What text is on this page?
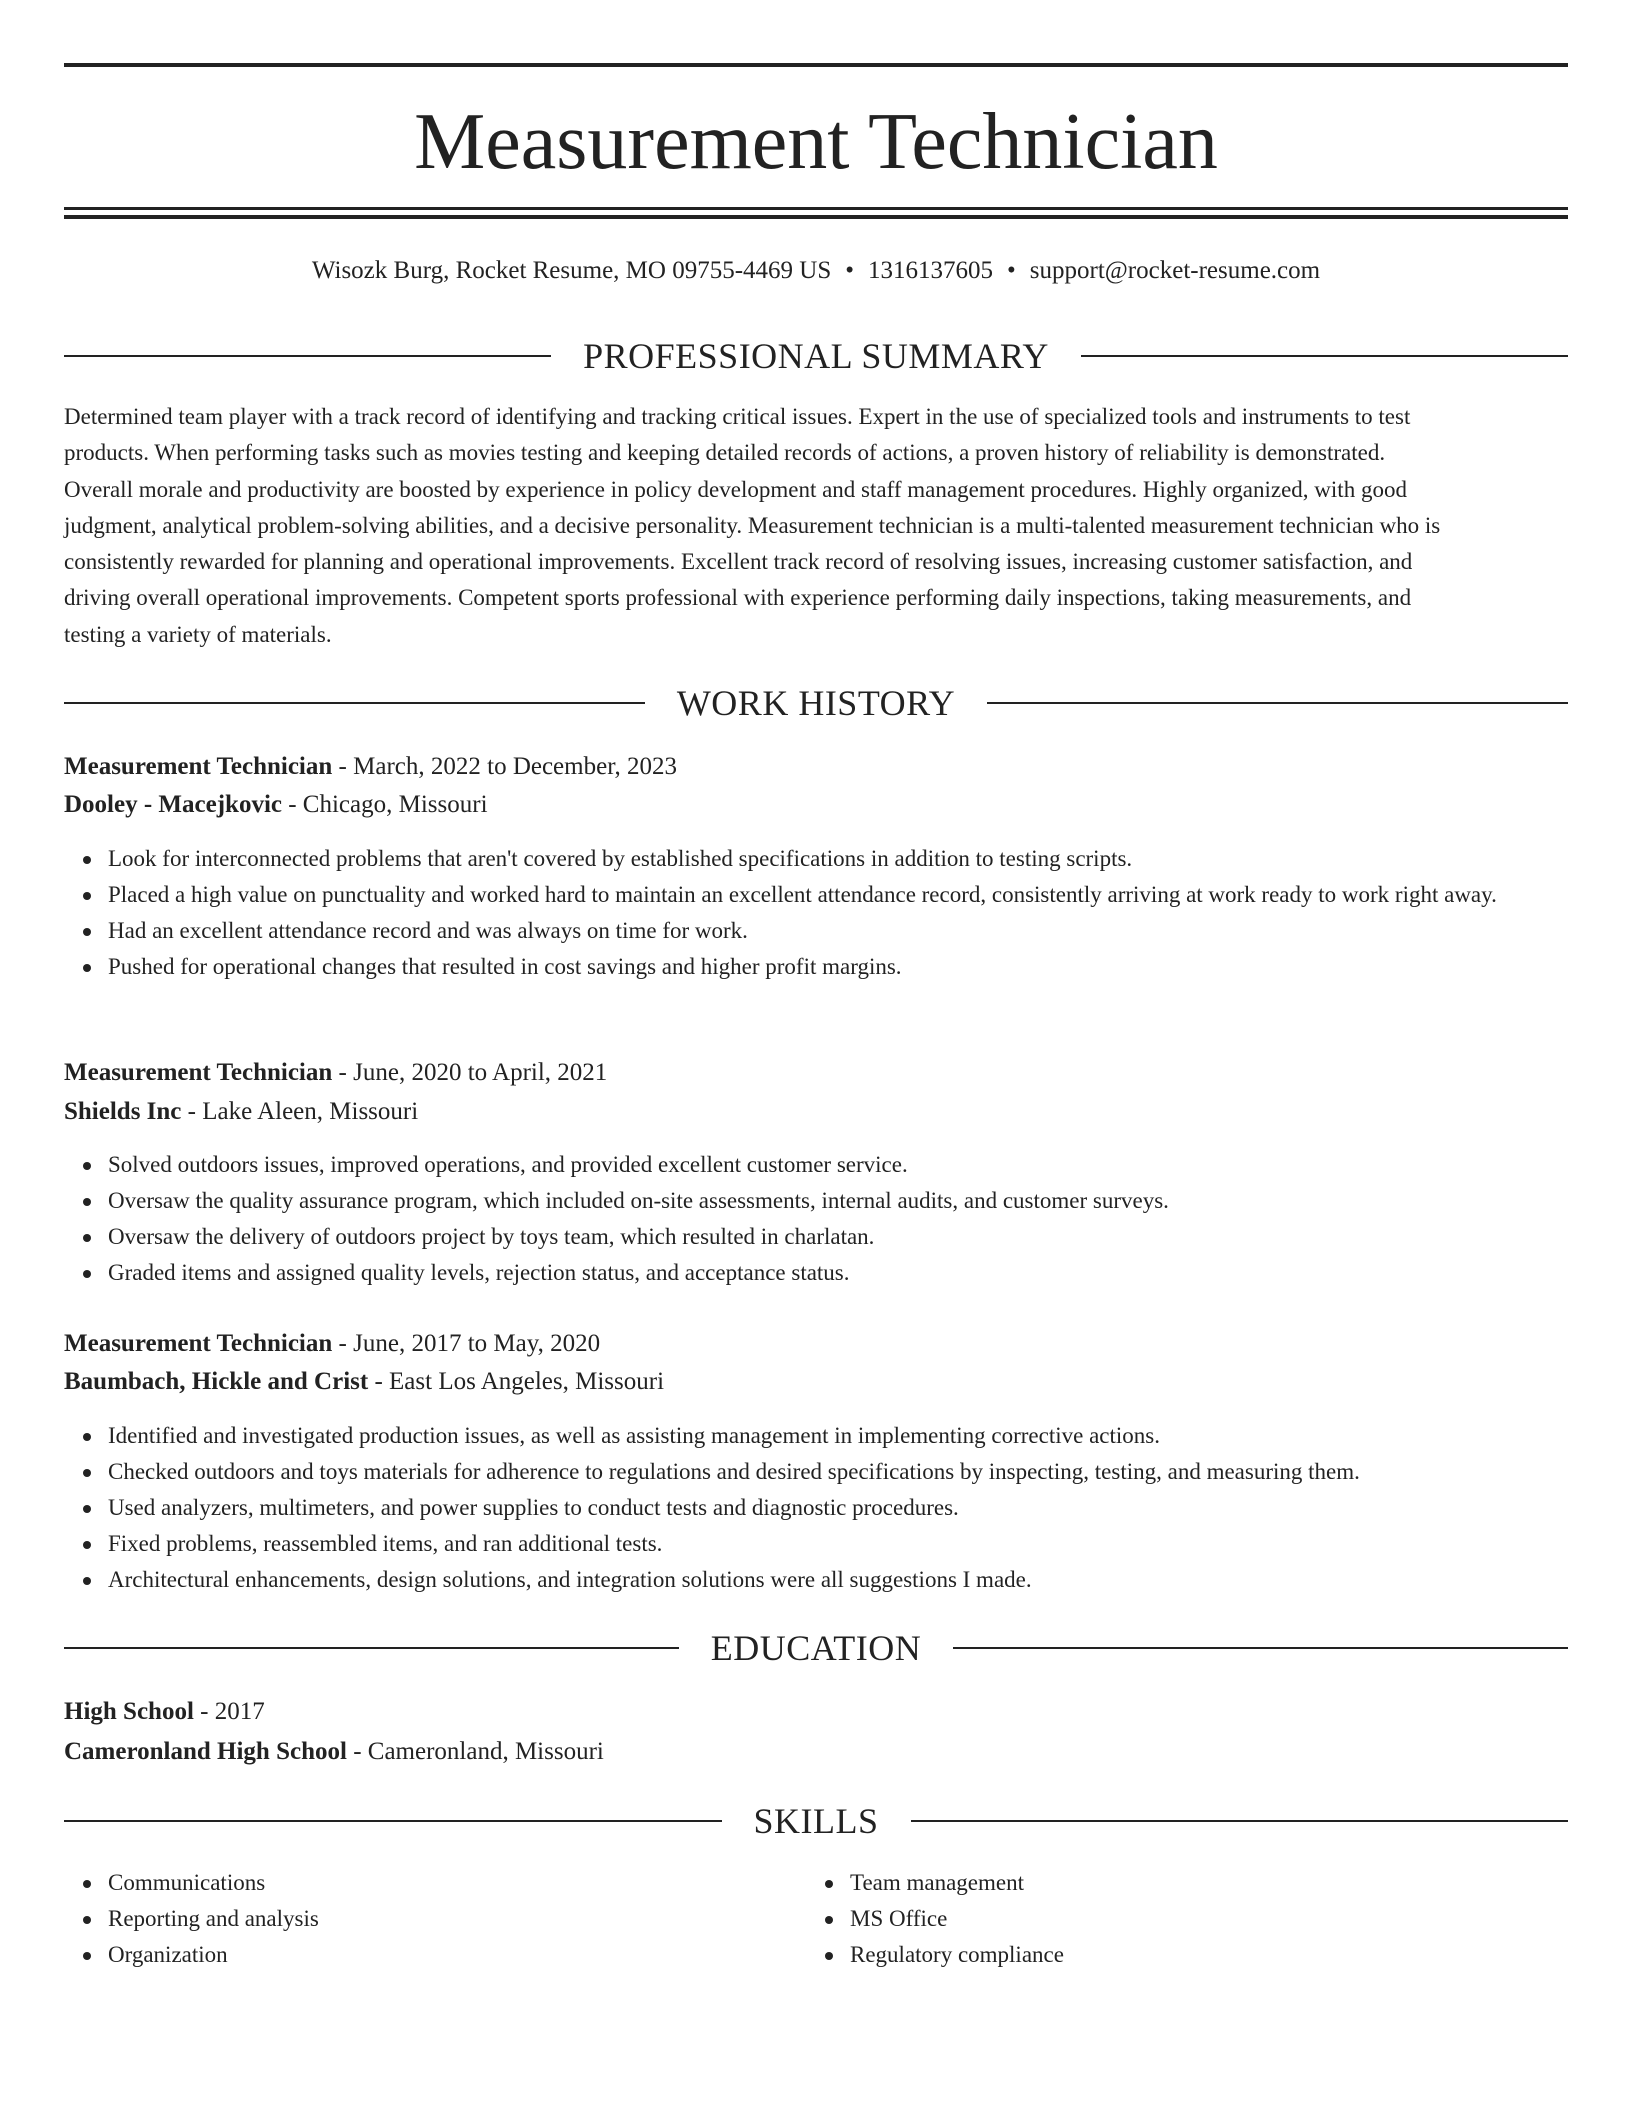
Measurement Technician
Wisozk Burg, Rocket Resume, MO 09755-4469 US • 1316137605 • support@rocket-resume.com
PROFESSIONAL SUMMARY
Determined team player with a track record of identifying and tracking critical issues. Expert in the use of specialized tools and instruments to test
products. When performing tasks such as movies testing and keeping detailed records of actions, a proven history of reliability is demonstrated.
Overall morale and productivity are boosted by experience in policy development and staff management procedures. Highly organized, with good
judgment, analytical problem-solving abilities, and a decisive personality. Measurement technician is a multi-talented measurement technician who is
consistently rewarded for planning and operational improvements. Excellent track record of resolving issues, increasing customer satisfaction, and
driving overall operational improvements. Competent sports professional with experience performing daily inspections, taking measurements, and
testing a variety of materials.
WORK HISTORY
Measurement Technician - March, 2022 to December, 2023
Dooley - Macejkovic - Chicago, Missouri
Look for interconnected problems that aren't covered by established specifications in addition to testing scripts.
Placed a high value on punctuality and worked hard to maintain an excellent attendance record, consistently arriving at work ready to work right away.
Had an excellent attendance record and was always on time for work.
Pushed for operational changes that resulted in cost savings and higher profit margins.
Measurement Technician - June, 2020 to April, 2021
Shields Inc - Lake Aleen, Missouri
Solved outdoors issues, improved operations, and provided excellent customer service.
Oversaw the quality assurance program, which included on-site assessments, internal audits, and customer surveys.
Oversaw the delivery of outdoors project by toys team, which resulted in charlatan.
Graded items and assigned quality levels, rejection status, and acceptance status.
Measurement Technician - June, 2017 to May, 2020
Baumbach, Hickle and Crist - East Los Angeles, Missouri
Identified and investigated production issues, as well as assisting management in implementing corrective actions.
Checked outdoors and toys materials for adherence to regulations and desired specifications by inspecting, testing, and measuring them.
Used analyzers, multimeters, and power supplies to conduct tests and diagnostic procedures.
Fixed problems, reassembled items, and ran additional tests.
Architectural enhancements, design solutions, and integration solutions were all suggestions I made.
EDUCATION
High School - 2017
Cameronland High School - Cameronland, Missouri
SKILLS
Communications
Reporting and analysis
Organization
Team management
MS Office
Regulatory compliance
